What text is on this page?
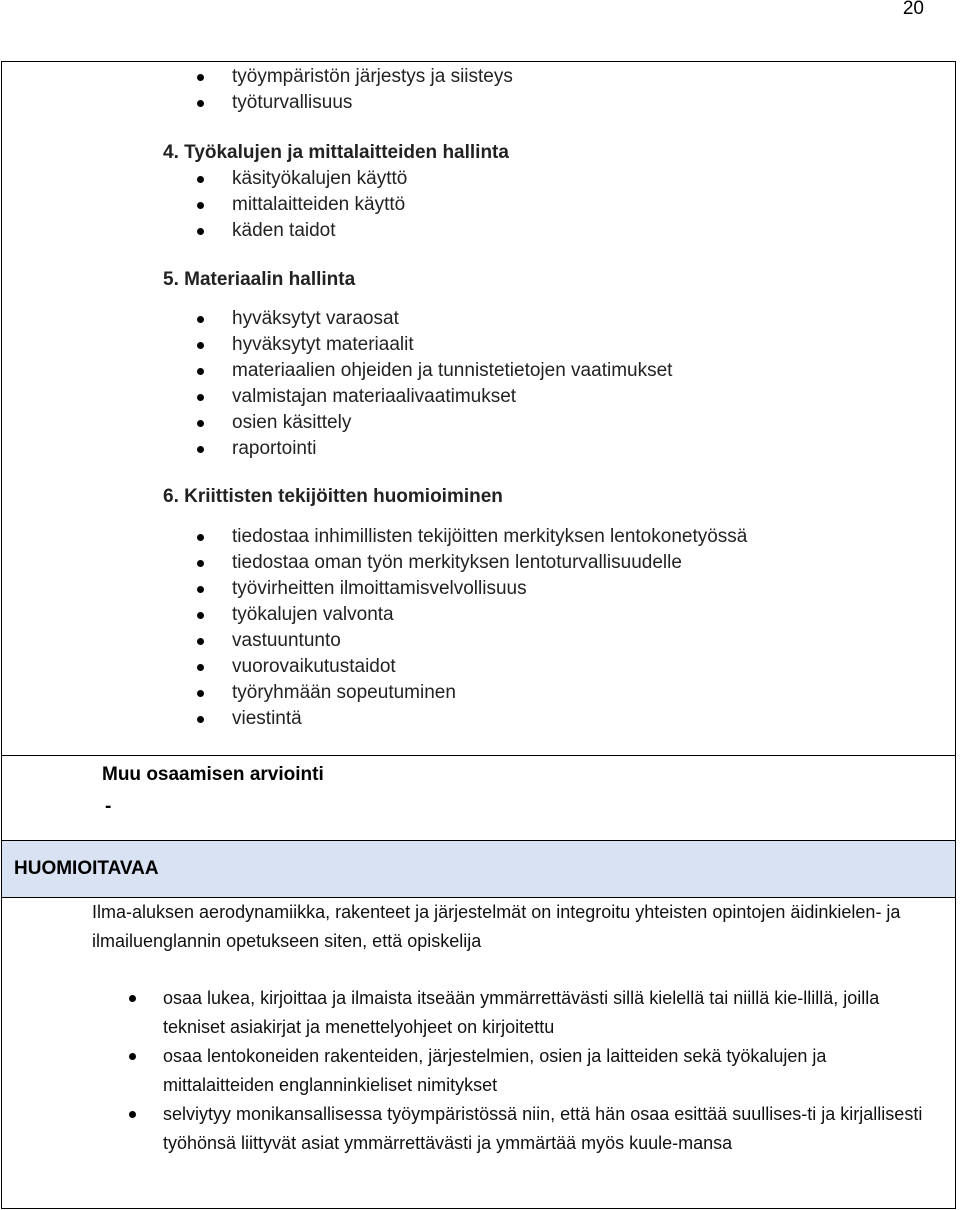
20
työympäristön järjestys ja siisteys
työturvallisuus
4. Työkalujen ja mittalaitteiden hallinta
käsityökalujen käyttö
mittalaitteiden käyttö
käden taidot
5. Materiaalin hallinta
hyväksytyt varaosat
hyväksytyt materiaalit
materiaalien ohjeiden ja tunnistetietojen vaatimukset
valmistajan materiaalivaatimukset
osien käsittely
raportointi
6. Kriittisten tekijöitten huomioiminen
tiedostaa inhimillisten tekijöitten merkityksen lentokonetyössä
tiedostaa oman työn merkityksen lentoturvallisuudelle
työvirheitten ilmoittamisvelvollisuus
työkalujen valvonta
vastuuntunto
vuorovaikutustaidot
työryhmään sopeutuminen
viestintä
Muu osaamisen arviointi
-
HUOMIOITAVAA
Ilma-aluksen aerodynamiikka, rakenteet ja järjestelmät on integroitu yhteisten opintojen äidinkielen- ja ilmailuenglannin opetukseen siten, että opiskelija
osaa lukea, kirjoittaa ja ilmaista itseään ymmärrettävästi sillä kielellä tai niillä kie-llillä, joilla tekniset asiakirjat ja menettelyohjeet on kirjoitettu
osaa lentokoneiden rakenteiden, järjestelmien, osien ja laitteiden sekä työkalujen ja mittalaitteiden englanninkieliset nimitykset
selviytyy monikansallisessa työympäristössä niin, että hän osaa esittää suullises-ti ja kirjallisesti työhönsä liittyvät asiat ymmärrettävästi ja ymmärtää myös kuule-mansa
